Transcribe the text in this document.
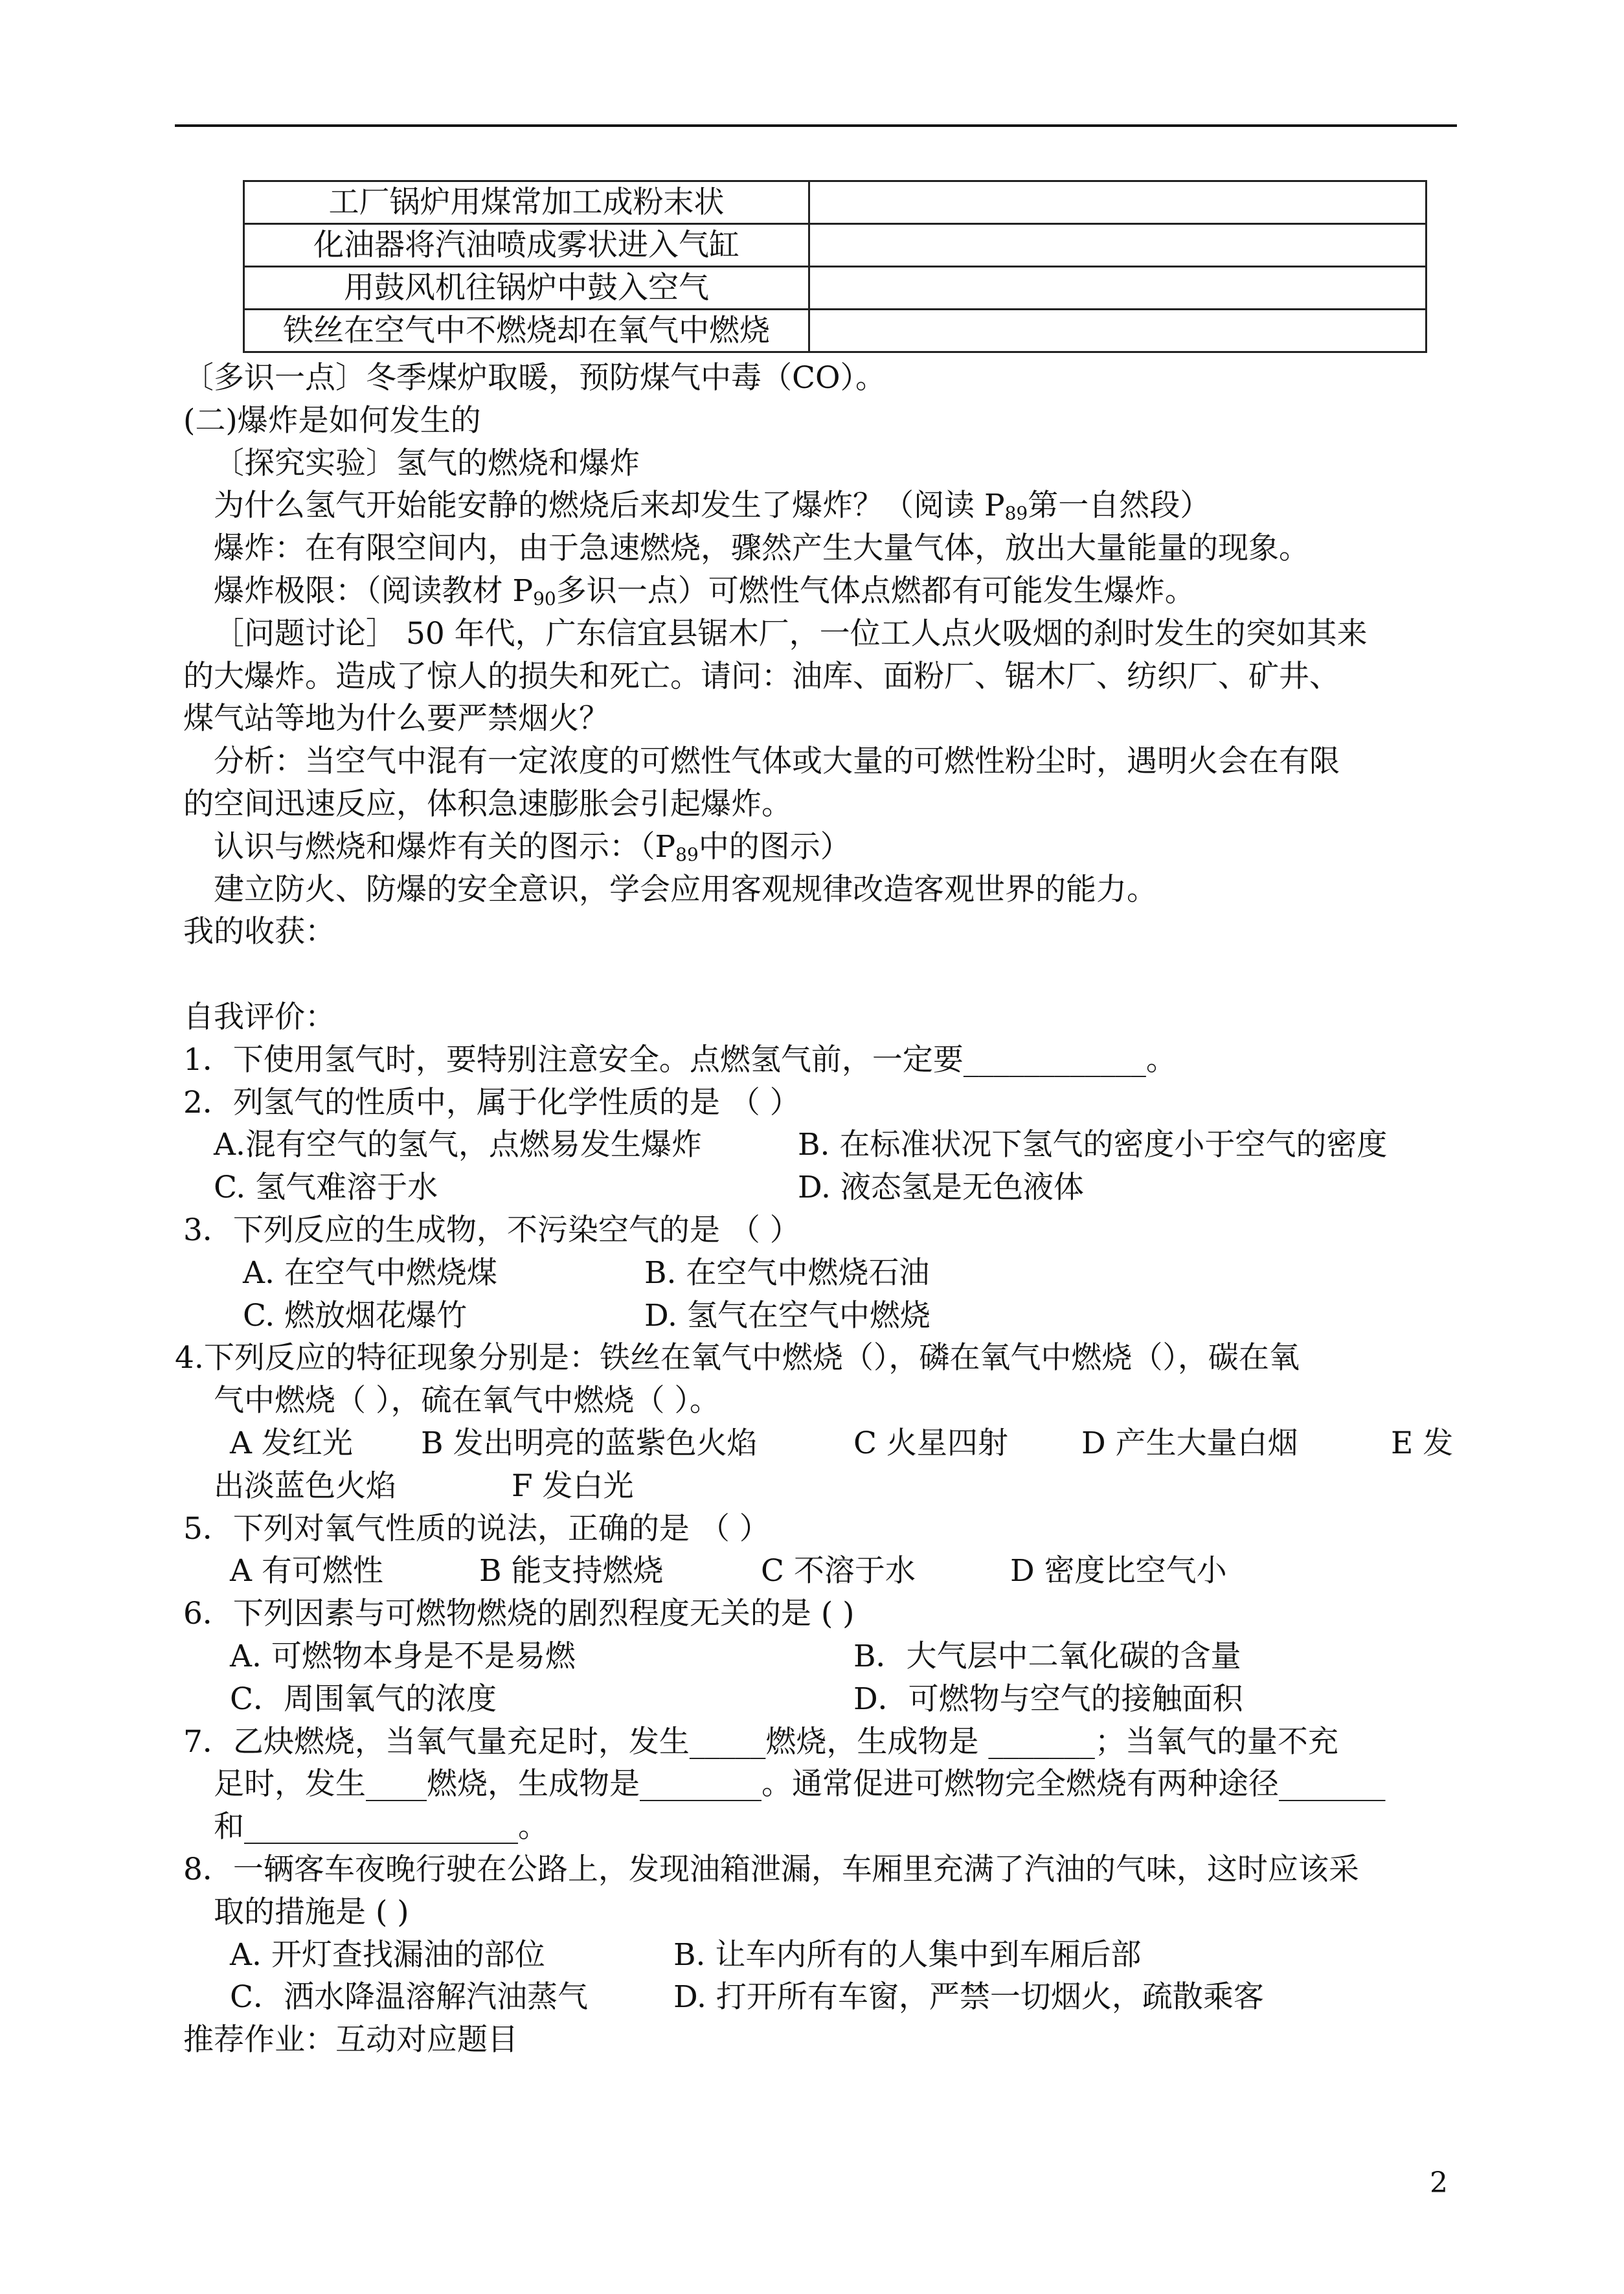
工厂锅炉用煤常加工成粉末状	
化油器将汽油喷成雾状进入气缸	
用鼓风机往锅炉中鼓入空气	
铁丝在空气中不燃烧却在氧气中燃烧	
〔多识一点〕冬季煤炉取暖，预防煤气中毒（CO）。
(二)爆炸是如何发生的
〔探究实验〕氢气的燃烧和爆炸
为什么氢气开始能安静的燃烧后来却发生了爆炸？（阅读 $P_{89}$第一自然段）
爆炸：在有限空间内，由于急速燃烧，骤然产生大量气体，放出大量能量的现象。
爆炸极限：（阅读教材 $P_{90}$多识一点）可燃性气体点燃都有可能发生爆炸。
［问题讨论］ 50 年代，广东信宜县锯木厂，一位工人点火吸烟的刹时发生的突如其来
的大爆炸。造成了惊人的损失和死亡。请问：油库、面粉厂、锯木厂、纺织厂、矿井、
煤气站等地为什么要严禁烟火？
分析：当空气中混有一定浓度的可燃性气体或大量的可燃性粉尘时，遇明火会在有限
的空间迅速反应，体积急速膨胀会引起爆炸。
认识与燃烧和爆炸有关的图示：（$P_{89}$中的图示）
建立防火、防爆的安全意识，学会应用客观规律改造客观世界的能力。
我的收获：
自我评价：
1．下使用氢气时，要特别注意安全。点燃氢气前，一定要____________。
2．列氢气的性质中，属于化学性质的是 （ ）
A.混有空气的氢气，点燃易发生爆炸	B. 在标准状况下氢气的密度小于空气的密度
C. 氢气难溶于水	D. 液态氢是无色液体
3．下列反应的生成物，不污染空气的是 （ ）
A. 在空气中燃烧煤	B. 在空气中燃烧石油
C. 燃放烟花爆竹	D. 氢气在空气中燃烧
4.下列反应的特征现象分别是：铁丝在氧气中燃烧（），磷在氧气中燃烧（），碳在氧
气中燃烧（ ），硫在氧气中燃烧（ ）。
A 发红光 B 发出明亮的蓝紫色火焰	C 火星四射 D 产生大量白烟	E 发
出淡蓝色火焰	F 发白光
5．下列对氧气性质的说法，正确的是 （ ）
A 有可燃性	B 能支持燃烧	C 不溶于水	D 密度比空气小
6．下列因素与可燃物燃烧的剧烈程度无关的是 ( )
A. 可燃物本身是不是易燃	B．大气层中二氧化碳的含量
C．周围氧气的浓度	D．可燃物与空气的接触面积
7．乙炔燃烧，当氧气量充足时，发生_____燃烧，生成物是 _______；当氧气的量不充
足时，发生____燃烧，生成物是________。通常促进可燃物完全燃烧有两种途径_______
和__________________。
8．一辆客车夜晚行驶在公路上，发现油箱泄漏，车厢里充满了汽油的气味，这时应该采
取的措施是 ( )
A. 开灯查找漏油的部位	B. 让车内所有的人集中到车厢后部
C．洒水降温溶解汽油蒸气	D. 打开所有车窗，严禁一切烟火，疏散乘客
推荐作业：互动对应题目
2
